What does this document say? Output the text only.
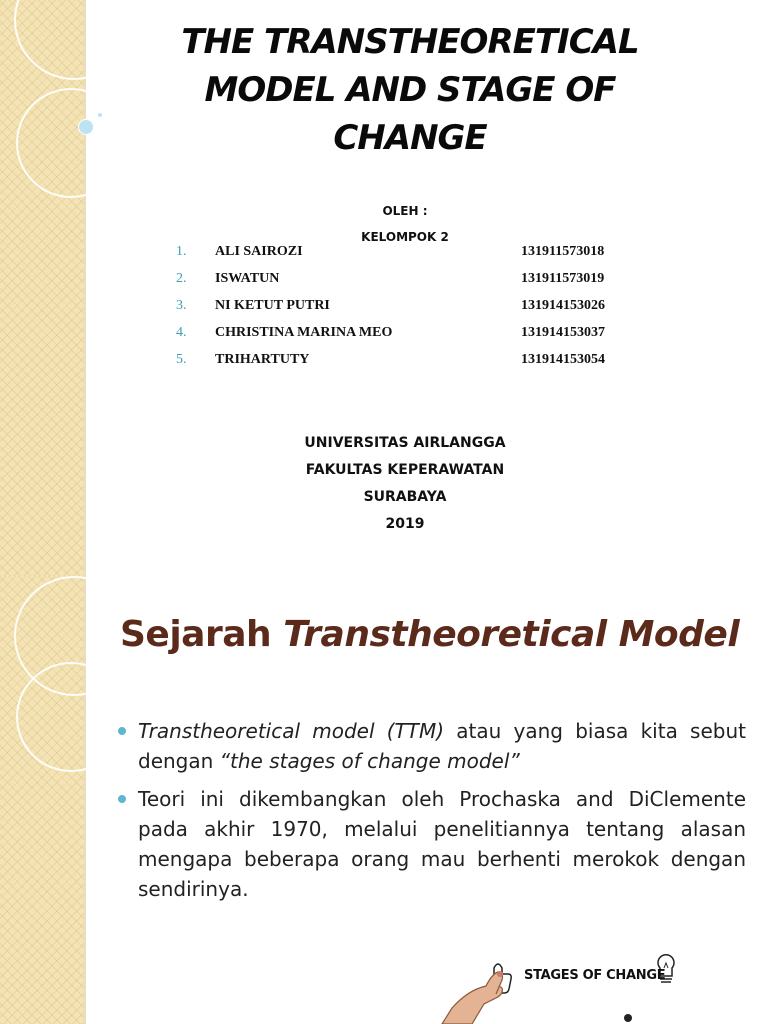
THE TRANSTHEORETICAL
MODEL AND STAGE OF
CHANGE
OLEH :
KELOMPOK 2
1. ALI SAIROZI	131911573018
2. ISWATUN	131911573019
3. NI KETUT PUTRI	131914153026
4. CHRISTINA MARINA MEO	131914153037
5. TRIHARTUTY	131914153054
UNIVERSITAS AIRLANGGA
FAKULTAS KEPERAWATAN
SURABAYA
2019
Sejarah Transtheoretical Model
Transtheoretical model (TTM) atau yang biasa kita sebut dengan “the stages of change model”
Teori ini dikembangkan oleh Prochaska and DiClemente pada akhir 1970, melalui penelitiannya tentang alasan mengapa beberapa orang mau berhenti merokok dengan sendirinya.
STAGES OF CHANGE
